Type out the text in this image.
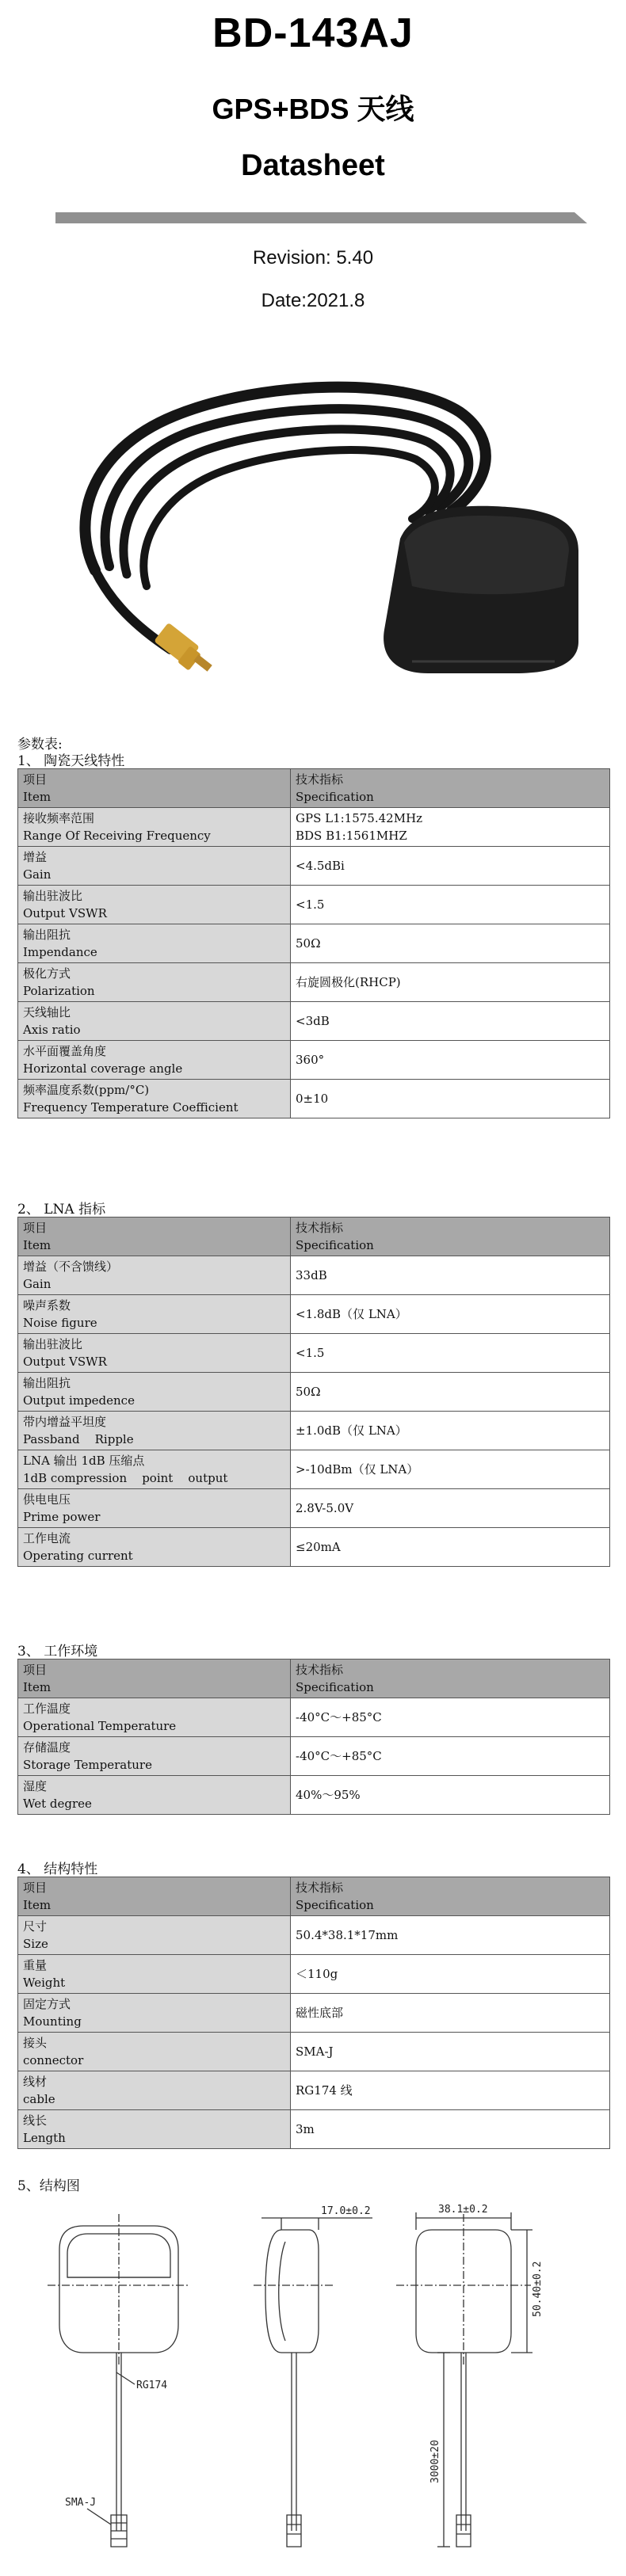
BD-143AJ
GPS+BDS 天线
Datasheet
Revision: 5.40
Date:2021.8
参数表:
1、 陶瓷天线特性
项目
Item	技术指标
Specification

接收频率范围
Range Of Receiving Frequency	GPS L1:1575.42MHz
BDS B1:1561MHZ

增益
Gain	<4.5dBi

输出驻波比
Output VSWR	<1.5

输出阻抗
Impendance	50Ω

极化方式
Polarization	右旋圆极化(RHCP)

天线轴比
Axis ratio	<3dB

水平面覆盖角度
Horizontal coverage angle	360°

频率温度系数(ppm/°C)
Frequency Temperature Coefficient	0±10
2、 LNA 指标
项目
Item	技术指标
Specification

增益（不含馈线）
Gain	33dB

噪声系数
Noise figure	<1.8dB（仅 LNA）

输出驻波比
Output VSWR	<1.5

输出阻抗
Output impedence	50Ω

带内增益平坦度
Passband    Ripple	±1.0dB（仅 LNA）

LNA 输出 1dB 压缩点
1dB compression    point    output	>-10dBm（仅 LNA）

供电电压
Prime power	2.8V-5.0V

工作电流
Operating current	≤20mA
3、 工作环境
项目
Item	技术指标
Specification

工作温度
Operational Temperature	-40°C～+85°C

存储温度
Storage Temperature	-40°C～+85°C

湿度
Wet degree	40%～95%
4、 结构特性
项目
Item	技术指标
Specification

尺寸
Size	50.4*38.1*17mm

重量
Weight	＜110g

固定方式
Mounting	磁性底部

接头
connector	SMA-J

线材
cable	RG174 线

线长
Length	3m
5、结构图
RG174
SMA-J
17.0±0.2	38.1±0.2
50.40±0.2
3000±20
